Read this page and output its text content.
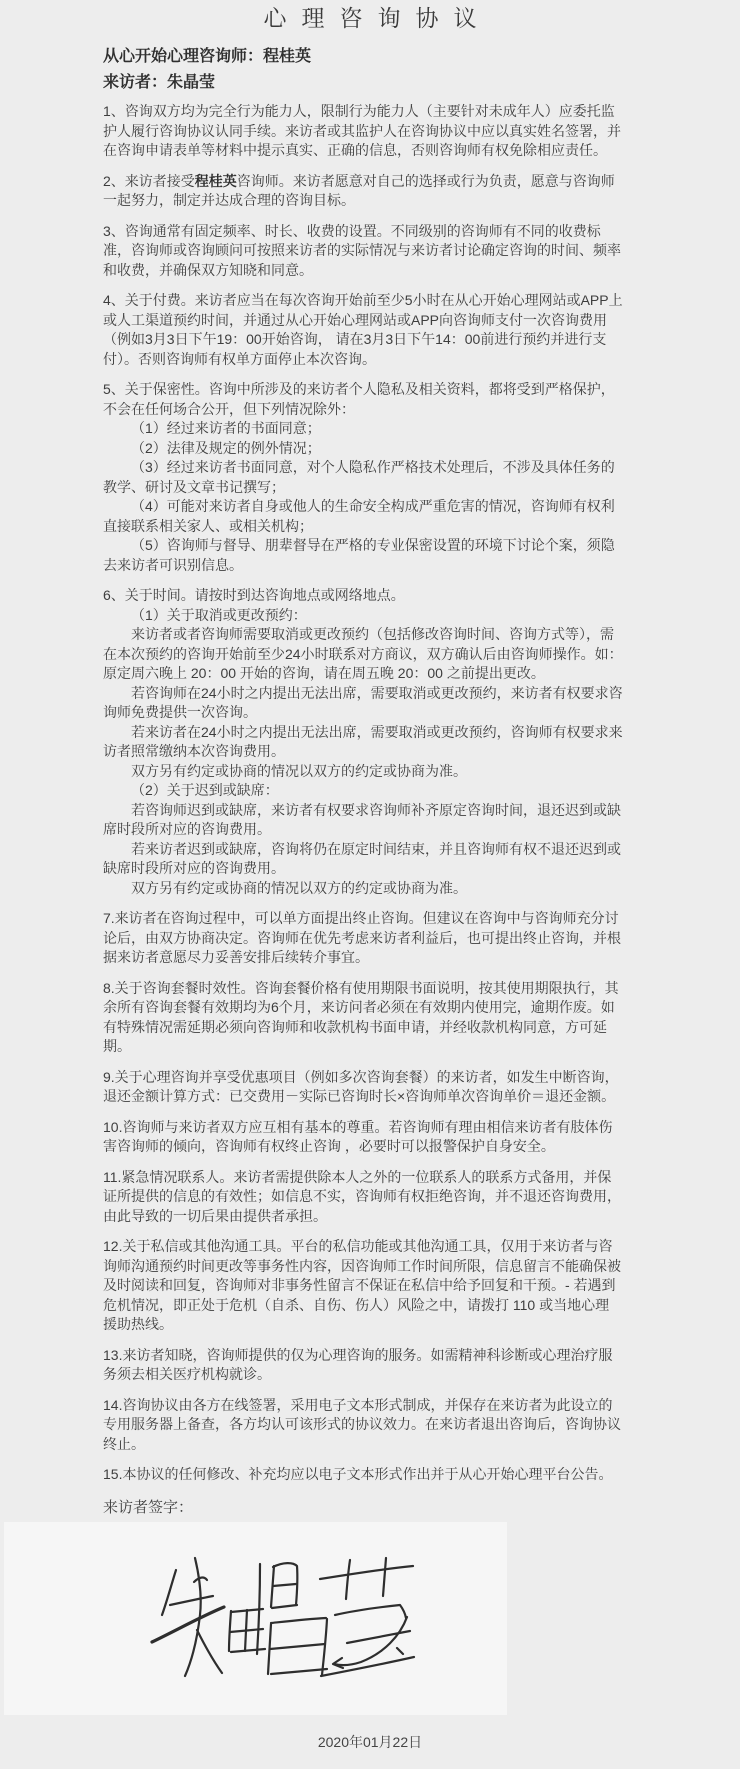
心理咨询协议
从心开始心理咨询师：程桂英
来访者：朱晶莹
1、咨询双方均为完全行为能力人，限制行为能力人（主要针对未成年人）应委托监
护人履行咨询协议认同手续。来访者或其监护人在咨询协议中应以真实姓名签署，并
在咨询申请表单等材料中提示真实、正确的信息，否则咨询师有权免除相应责任。
2、来访者接受程桂英咨询师。来访者愿意对自己的选择或行为负责，愿意与咨询师
一起努力，制定并达成合理的咨询目标。
3、咨询通常有固定频率、时长、收费的设置。不同级别的咨询师有不同的收费标
准，咨询师或咨询顾问可按照来访者的实际情况与来访者讨论确定咨询的时间、频率
和收费，并确保双方知晓和同意。
4、关于付费。来访者应当在每次咨询开始前至少5小时在从心开始心理网站或APP上
或人工渠道预约时间，并通过从心开始心理网站或APP向咨询师支付一次咨询费用
（例如3月3日下午19：00开始咨询， 请在3月3日下午14：00前进行预约并进行支
付）。否则咨询师有权单方面停止本次咨询。
5、关于保密性。咨询中所涉及的来访者个人隐私及相关资料，都将受到严格保护，
不会在任何场合公开，但下列情况除外：
（1）经过来访者的书面同意；
（2）法律及规定的例外情况；
（3）经过来访者书面同意，对个人隐私作严格技术处理后，不涉及具体任务的
教学、研讨及文章书记撰写；
（4）可能对来访者自身或他人的生命安全构成严重危害的情况，咨询师有权利
直接联系相关家人、或相关机构；
（5）咨询师与督导、朋辈督导在严格的专业保密设置的环境下讨论个案，须隐
去来访者可识别信息。
6、关于时间。请按时到达咨询地点或网络地点。
（1）关于取消或更改预约：
来访者或者咨询师需要取消或更改预约（包括修改咨询时间、咨询方式等），需
在本次预约的咨询开始前至少24小时联系对方商议，双方确认后由咨询师操作。如：
原定周六晚上 20：00 开始的咨询，请在周五晚 20：00 之前提出更改。
若咨询师在24小时之内提出无法出席，需要取消或更改预约，来访者有权要求咨
询师免费提供一次咨询。
若来访者在24小时之内提出无法出席，需要取消或更改预约，咨询师有权要求来
访者照常缴纳本次咨询费用。
双方另有约定或协商的情况以双方的约定或协商为准。
（2）关于迟到或缺席：
若咨询师迟到或缺席，来访者有权要求咨询师补齐原定咨询时间，退还迟到或缺
席时段所对应的咨询费用。
若来访者迟到或缺席，咨询将仍在原定时间结束，并且咨询师有权不退还迟到或
缺席时段所对应的咨询费用。
双方另有约定或协商的情况以双方的约定或协商为准。
7.来访者在咨询过程中，可以单方面提出终止咨询。但建议在咨询中与咨询师充分讨
论后，由双方协商决定。咨询师在优先考虑来访者利益后，也可提出终止咨询，并根
据来访者意愿尽力妥善安排后续转介事宜。
8.关于咨询套餐时效性。咨询套餐价格有使用期限书面说明，按其使用期限执行，其
余所有咨询套餐有效期均为6个月，来访问者必须在有效期内使用完，逾期作废。如
有特殊情况需延期必须向咨询师和收款机构书面申请，并经收款机构同意，方可延
期。
9.关于心理咨询并享受优惠项目（例如多次咨询套餐）的来访者，如发生中断咨询，
退还金额计算方式：已交费用－实际已咨询时长×咨询师单次咨询单价＝退还金额。
10.咨询师与来访者双方应互相有基本的尊重。若咨询师有理由相信来访者有肢体伤
害咨询师的倾向，咨询师有权终止咨询 ，必要时可以报警保护自身安全。
11.紧急情况联系人。来访者需提供除本人之外的一位联系人的联系方式备用，并保
证所提供的信息的有效性；如信息不实，咨询师有权拒绝咨询，并不退还咨询费用，
由此导致的一切后果由提供者承担。
12.关于私信或其他沟通工具。平台的私信功能或其他沟通工具，仅用于来访者与咨
询师沟通预约时间更改等事务性内容，因咨询师工作时间所限，信息留言不能确保被
及时阅读和回复，咨询师对非事务性留言不保证在私信中给予回复和干预。- 若遇到
危机情况，即正处于危机（自杀、自伤、伤人）风险之中，请拨打 110 或当地心理
援助热线。
13.来访者知晓，咨询师提供的仅为心理咨询的服务。如需精神科诊断或心理治疗服
务须去相关医疗机构就诊。
14.咨询协议由各方在线签署，采用电子文本形式制成，并保存在来访者为此设立的
专用服务器上备查，各方均认可该形式的协议效力。在来访者退出咨询后，咨询协议
终止。
15.本协议的任何修改、补充均应以电子文本形式作出并于从心开始心理平台公告。
来访者签字：
2020年01月22日
